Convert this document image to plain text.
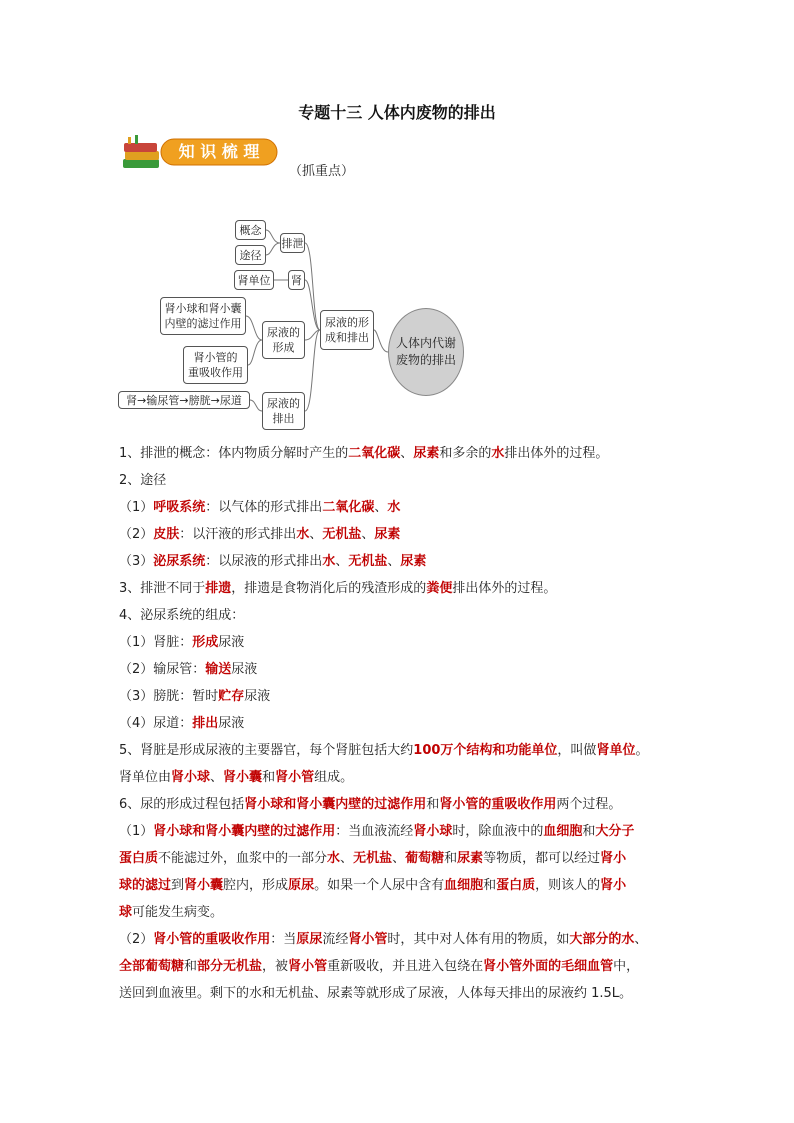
专题十三 人体内废物的排出
知 识 梳 理
（抓重点）
概念
途径
排泄
肾单位	肾
肾小球和肾小囊
内壁的滤过作用
肾小管的
重吸收作用
尿液的
形成
肾→输尿管→膀胱→尿道	尿液的
排出
尿液的形
成和排出 人体内代谢
废物的排出
1、排泄的概念：体内物质分解时产生的二氧化碳、尿素和多余的水排出体外的过程。
2、途径
（1）呼吸系统：以气体的形式排出二氧化碳、水
（2）皮肤：以汗液的形式排出水、无机盐、尿素
（3）泌尿系统：以尿液的形式排出水、无机盐、尿素
3、排泄不同于排遗，排遗是食物消化后的残渣形成的粪便排出体外的过程。
4、泌尿系统的组成：
（1）肾脏：形成尿液
（2）输尿管：输送尿液
（3）膀胱：暂时贮存尿液
（4）尿道：排出尿液
5、肾脏是形成尿液的主要器官，每个肾脏包括大约100万个结构和功能单位，叫做肾单位。
肾单位由肾小球、肾小囊和肾小管组成。
6、尿的形成过程包括肾小球和肾小囊内壁的过滤作用和肾小管的重吸收作用两个过程。
（1）肾小球和肾小囊内壁的过滤作用：当血液流经肾小球时，除血液中的血细胞和大分子
蛋白质不能滤过外，血浆中的一部分水、无机盐、葡萄糖和尿素等物质，都可以经过肾小
球的滤过到肾小囊腔内，形成原尿。如果一个人尿中含有血细胞和蛋白质，则该人的肾小
球可能发生病变。
（2）肾小管的重吸收作用：当原尿流经肾小管时，其中对人体有用的物质，如大部分的水、
全部葡萄糖和部分无机盐，被肾小管重新吸收，并且进入包绕在肾小管外面的毛细血管中，
送回到血液里。剩下的水和无机盐、尿素等就形成了尿液，人体每天排出的尿液约 1.5L。
